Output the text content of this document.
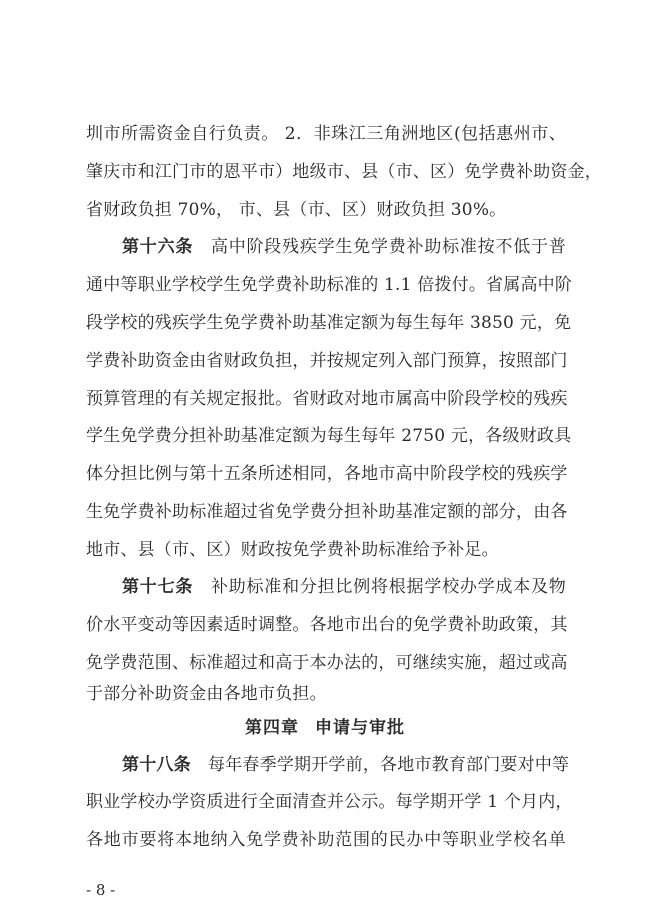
圳市所需资金自行负责。 2．非珠江三角洲地区(包括惠州市、
肇庆市和江门市的恩平市）地级市、县（市、区）免学费补助资金，
省财政负担 70%， 市、县（市、区）财政负担 30%。
第十六条　 高中阶段残疾学生免学费补助标准按不低于普
通中等职业学校学生免学费补助标准的 1.1 倍拨付。省属高中阶
段学校的残疾学生免学费补助基准定额为每生每年 3850 元，免
学费补助资金由省财政负担，并按规定列入部门预算，按照部门
预算管理的有关规定报批。省财政对地市属高中阶段学校的残疾
学生免学费分担补助基准定额为每生每年 2750 元，各级财政具
体分担比例与第十五条所述相同，各地市高中阶段学校的残疾学
生免学费补助标准超过省免学费分担补助基准定额的部分，由各
地市、县（市、区）财政按免学费补助标准给予补足。
第十七条　 补助标准和分担比例将根据学校办学成本及物
价水平变动等因素适时调整。各地市出台的免学费补助政策，其
免学费范围、标准超过和高于本办法的，可继续实施，超过或高
于部分补助资金由各地市负担。
第四章 申请与审批
第十八条　 每年春季学期开学前，各地市教育部门要对中等
职业学校办学资质进行全面清查并公示。每学期开学 1 个月内，
各地市要将本地纳入免学费补助范围的民办中等职业学校名单
- 8 -
